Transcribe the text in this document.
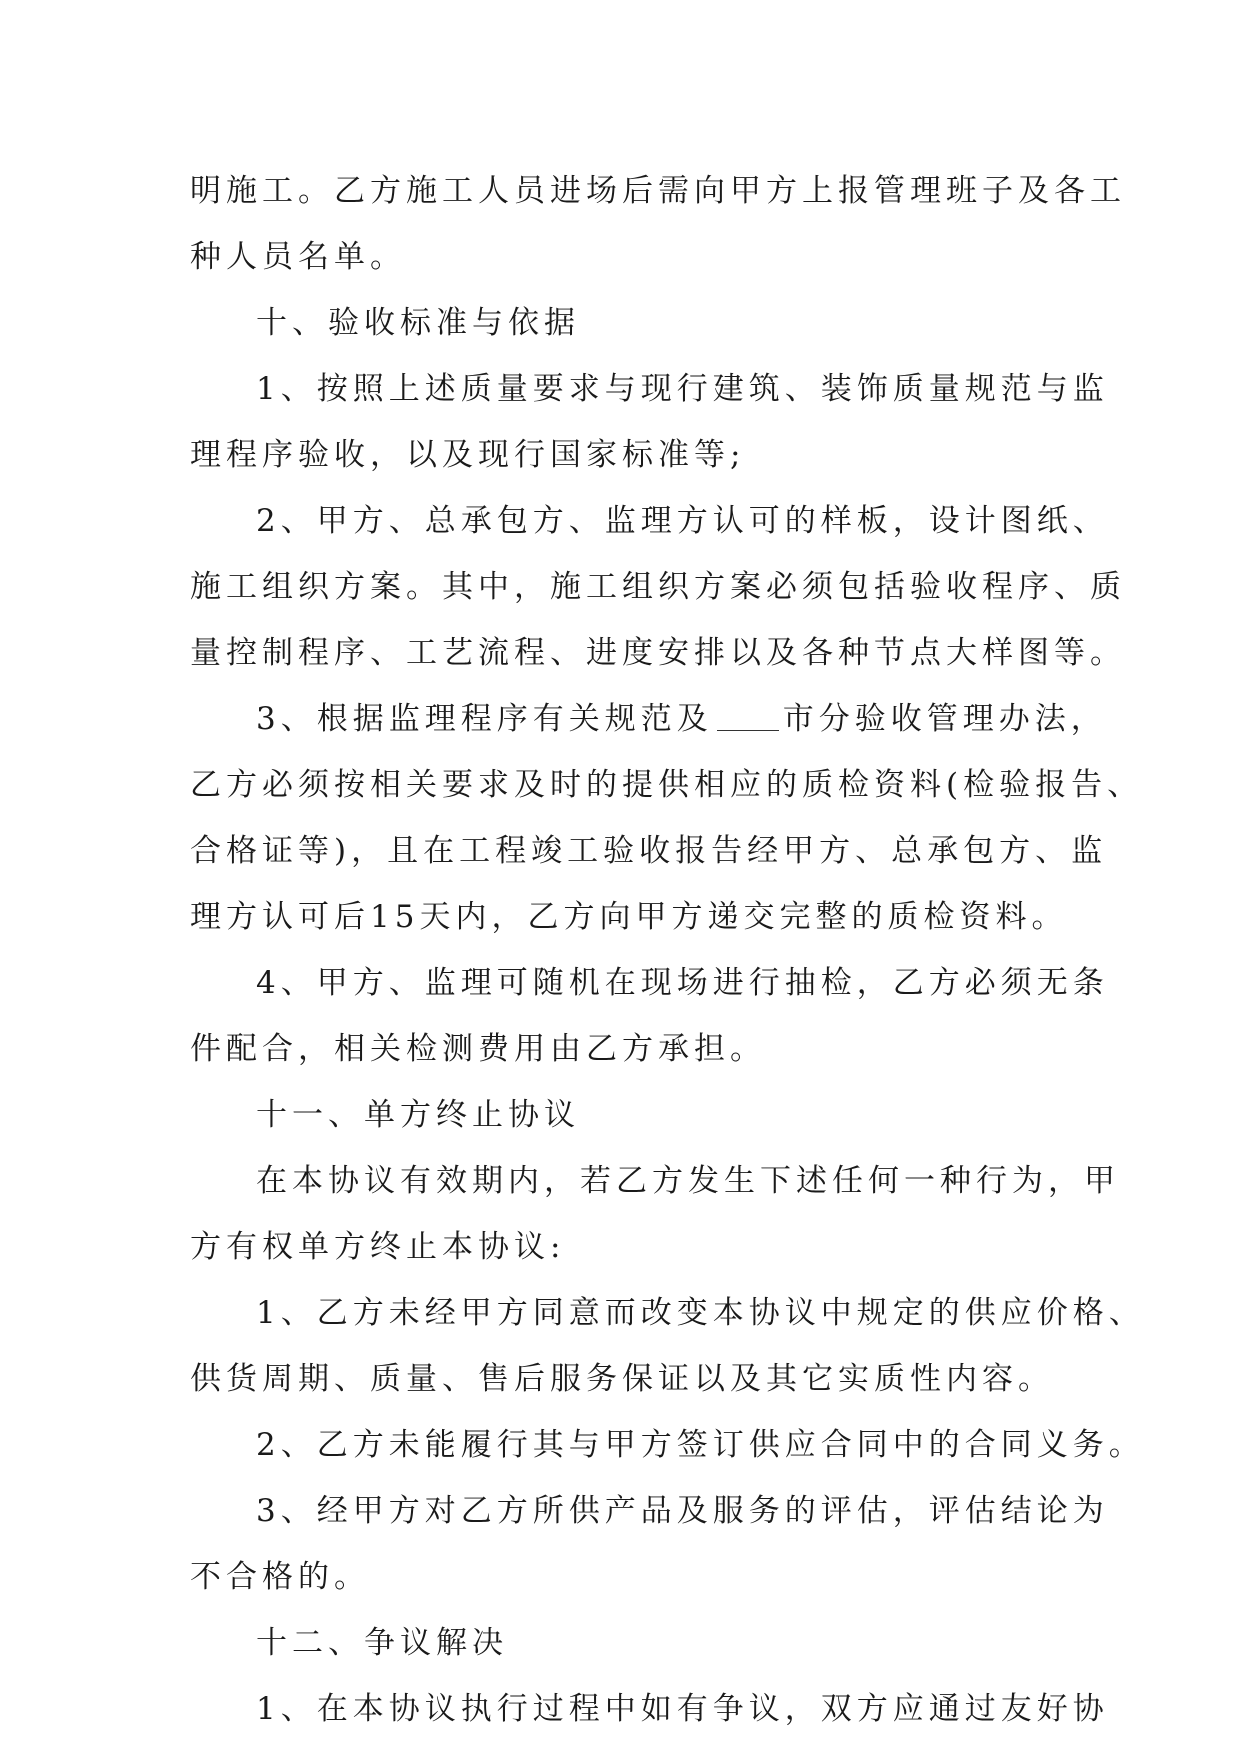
明施工。乙方施工人员进场后需向甲方上报管理班子及各工
种人员名单。
十、验收标准与依据
1、按照上述质量要求与现行建筑、装饰质量规范与监
理程序验收，以及现行国家标准等;
2、甲方、总承包方、监理方认可的样板，设计图纸、
施工组织方案。其中，施工组织方案必须包括验收程序、质
量控制程序、工艺流程、进度安排以及各种节点大样图等。
3、根据监理程序有关规范及 市分验收管理办法，
乙方必须按相关要求及时的提供相应的质检资料(检验报告、
合格证等)，且在工程竣工验收报告经甲方、总承包方、监
理方认可后15天内，乙方向甲方递交完整的质检资料。
4、甲方、监理可随机在现场进行抽检，乙方必须无条
件配合，相关检测费用由乙方承担。
十一、单方终止协议
在本协议有效期内，若乙方发生下述任何一种行为，甲
方有权单方终止本协议:
1、乙方未经甲方同意而改变本协议中规定的供应价格、
供货周期、质量、售后服务保证以及其它实质性内容。
2、乙方未能履行其与甲方签订供应合同中的合同义务。
3、经甲方对乙方所供产品及服务的评估，评估结论为
不合格的。
十二、争议解决
1、在本协议执行过程中如有争议，双方应通过友好协
